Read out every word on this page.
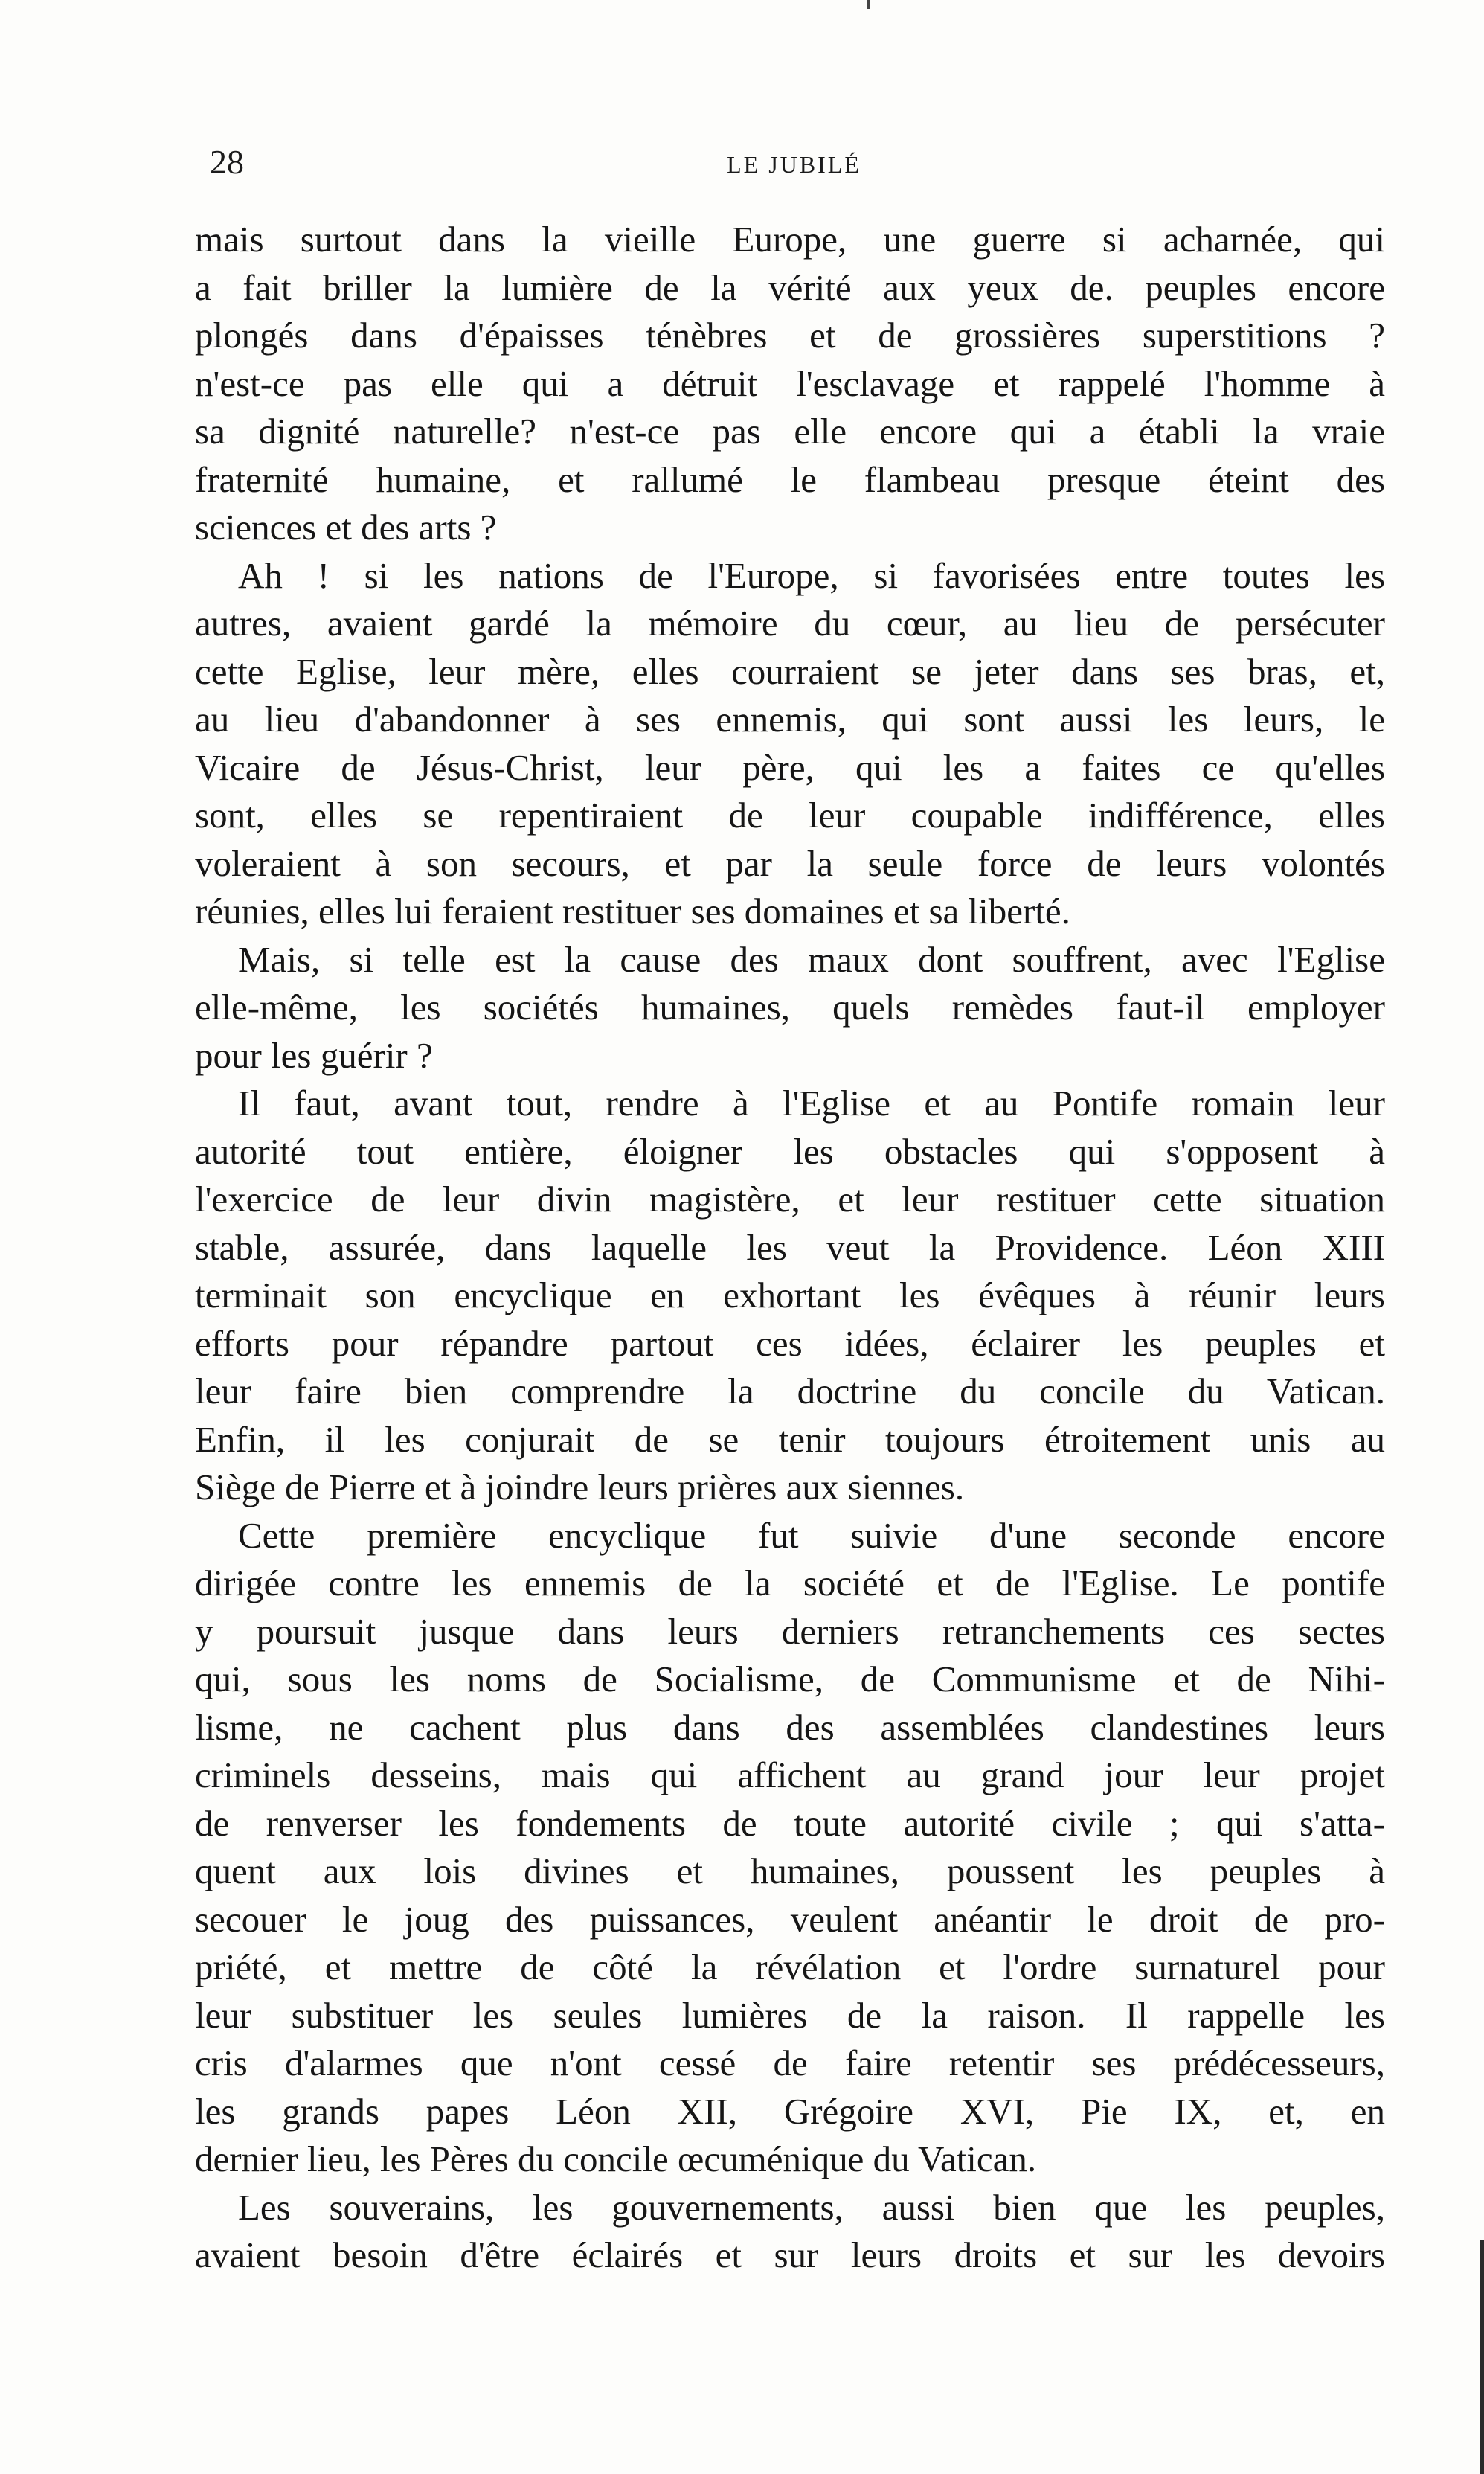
28	LE JUBILÉ
mais surtout dans la vieille Europe, une guerre si acharnée, qui
a fait briller la lumière de la vérité aux yeux de. peuples encore
plongés dans d'épaisses ténèbres et de grossières superstitions ?
n'est-ce pas elle qui a détruit l'esclavage et rappelé l'homme à
sa dignité naturelle? n'est-ce pas elle encore qui a établi la vraie
fraternité humaine, et rallumé le flambeau presque éteint des
sciences et des arts ?
Ah ! si les nations de l'Europe, si favorisées entre toutes les
autres, avaient gardé la mémoire du cœur, au lieu de persécuter
cette Eglise, leur mère, elles courraient se jeter dans ses bras, et,
au lieu d'abandonner à ses ennemis, qui sont aussi les leurs, le
Vicaire de Jésus-Christ, leur père, qui les a faites ce qu'elles
sont, elles se repentiraient de leur coupable indifférence, elles
voleraient à son secours, et par la seule force de leurs volontés
réunies, elles lui feraient restituer ses domaines et sa liberté.
Mais, si telle est la cause des maux dont souffrent, avec l'Eglise
elle-même, les sociétés humaines, quels remèdes faut-il employer
pour les guérir ?
Il faut, avant tout, rendre à l'Eglise et au Pontife romain leur
autorité tout entière, éloigner les obstacles qui s'opposent à
l'exercice de leur divin magistère, et leur restituer cette situation
stable, assurée, dans laquelle les veut la Providence. Léon XIII
terminait son encyclique en exhortant les évêques à réunir leurs
efforts pour répandre partout ces idées, éclairer les peuples et
leur faire bien comprendre la doctrine du concile du Vatican.
Enfin, il les conjurait de se tenir toujours étroitement unis au
Siège de Pierre et à joindre leurs prières aux siennes.
Cette première encyclique fut suivie d'une seconde encore
dirigée contre les ennemis de la société et de l'Eglise. Le pontife
y poursuit jusque dans leurs derniers retranchements ces sectes
qui, sous les noms de Socialisme, de Communisme et de Nihi-
lisme, ne cachent plus dans des assemblées clandestines leurs
criminels desseins, mais qui affichent au grand jour leur projet
de renverser les fondements de toute autorité civile ; qui s'atta-
quent aux lois divines et humaines, poussent les peuples à
secouer le joug des puissances, veulent anéantir le droit de pro-
priété, et mettre de côté la révélation et l'ordre surnaturel pour
leur substituer les seules lumières de la raison. Il rappelle les
cris d'alarmes que n'ont cessé de faire retentir ses prédécesseurs,
les grands papes Léon XII, Grégoire XVI, Pie IX, et, en
dernier lieu, les Pères du concile œcuménique du Vatican.
Les souverains, les gouvernements, aussi bien que les peuples,
avaient besoin d'être éclairés et sur leurs droits et sur les devoirs
